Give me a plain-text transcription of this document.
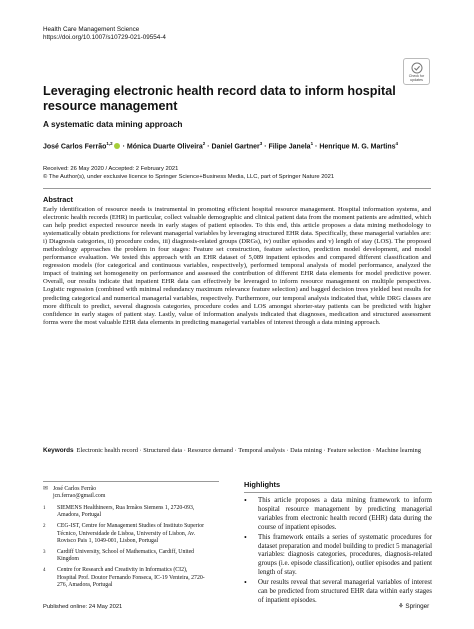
Health Care Management Science
https://doi.org/10.1007/s10729-021-09554-4
Check for updates
Leveraging electronic health record data to inform hospital resource management
A systematic data mining approach
José Carlos Ferrão$^{1,2}$ · Mónica Duarte Oliveira$^2$ · Daniel Gartner$^3$ · Filipe Janela$^1$ · Henrique M. G. Martins$^4$
Received: 26 May 2020 / Accepted: 2 February 2021
© The Author(s), under exclusive licence to Springer Science+Business Media, LLC, part of Springer Nature 2021
Abstract
Early identification of resource needs is instrumental in promoting efficient hospital resource management. Hospital information systems, and electronic health records (EHR) in particular, collect valuable demographic and clinical patient data from the moment patients are admitted, which can help predict expected resource needs in early stages of patient episodes. To this end, this article proposes a data mining methodology to systematically obtain predictions for relevant managerial variables by leveraging structured EHR data. Specifically, these managerial variables are: i) Diagnosis categories, ii) procedure codes, iii) diagnosis-related groups (DRGs), iv) outlier episodes and v) length of stay (LOS). The proposed methodology approaches the problem in four stages: Feature set construction, feature selection, prediction model development, and model performance evaluation. We tested this approach with an EHR dataset of 5,089 inpatient episodes and compared different classification and regression models (for categorical and continuous variables, respectively), performed temporal analysis of model performance, analyzed the impact of training set homogeneity on performance and assessed the contribution of different EHR data elements for model predictive power. Overall, our results indicate that inpatient EHR data can effectively be leveraged to inform resource management on multiple perspectives. Logistic regression (combined with minimal redundancy maximum relevance feature selection) and bagged decision trees yielded best results for predicting categorical and numerical managerial variables, respectively. Furthermore, our temporal analysis indicated that, while DRG classes are more difficult to predict, several diagnosis categories, procedure codes and LOS amongst shorter-stay patients can be predicted with higher confidence in early stages of patient stay. Lastly, value of information analysis indicated that diagnoses, medication and structured assessment forms were the most valuable EHR data elements in predicting managerial variables of interest through a data mining approach.
Keywords Electronic health record · Structured data · Resource demand · Temporal analysis · Data mining · Feature selection · Machine learning
✉ José Carlos Ferrão
jcn.ferrao@gmail.com
1	SIEMENS Healthineers, Rua Irmãos Siemens 1, 2720-093, Amadora, Portugal
2	CEG-IST, Centre for Management Studies of Instituto Superior Técnico, Universidade de Lisboa, University of Lisbon, Av. Rovisco Pais 1, 1049-001, Lisbon, Portugal
3	Cardiff University, School of Mathematics, Cardiff, United Kingdom
4	Centre for Research and Creativity in Informatics (CI2), Hospital Prof. Doutor Fernando Fonseca, IC-19 Venteira, 2720-276, Amadora, Portugal
Highlights
•	This article proposes a data mining framework to inform hospital resource management by predicting managerial variables from electronic health record (EHR) data during the course of inpatient episodes.
•	This framework entails a series of systematic procedures for dataset preparation and model building to predict 5 managerial variables: diagnosis categories, procedures, diagnosis-related groups (i.e. episode classification), outlier episodes and patient length of stay.
•	Our results reveal that several managerial variables of interest can be predicted from structured EHR data within early stages of inpatient episodes.
Published online: 24 May 2021	⚘ Springer
